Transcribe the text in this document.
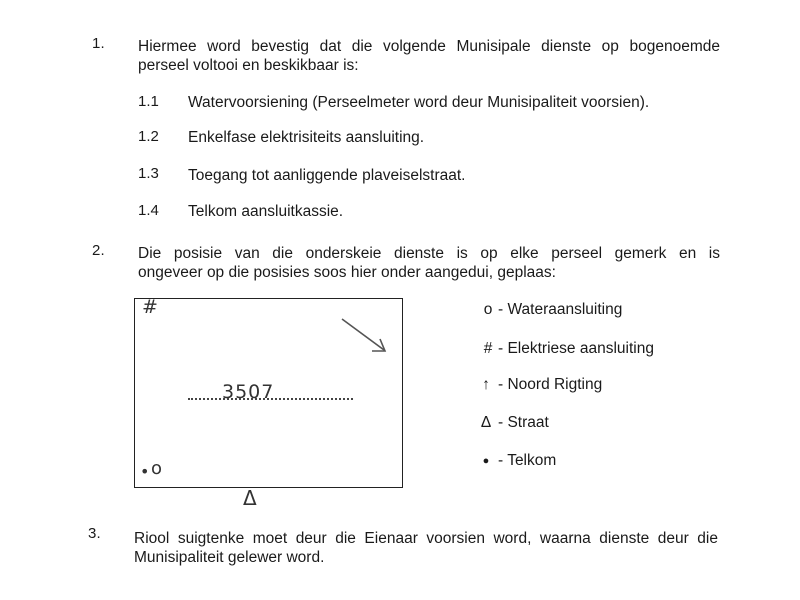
1. Hiermee word bevestig dat die volgende Munisipale dienste op bogenoemde
perseel voltooi en beskikbaar is:
1.1 Watervoorsiening (Perseelmeter word deur Munisipaliteit voorsien).
1.2 Enkelfase elektrisiteits aansluiting.
1.3 Toegang tot aanliggende plaveiselstraat.
1.4 Telkom aansluitkassie.
2. Die posisie van die onderskeie dienste is op elke perseel gemerk en is
ongeveer op die posisies soos hier onder aangedui, geplaas:
#
3507
• o
Δ
o - Wateraansluiting
# - Elektriese aansluiting
↑ - Noord Rigting
Δ - Straat
● - Telkom
3. Riool suigtenke moet deur die Eienaar voorsien word, waarna dienste deur die
Munisipaliteit gelewer word.
